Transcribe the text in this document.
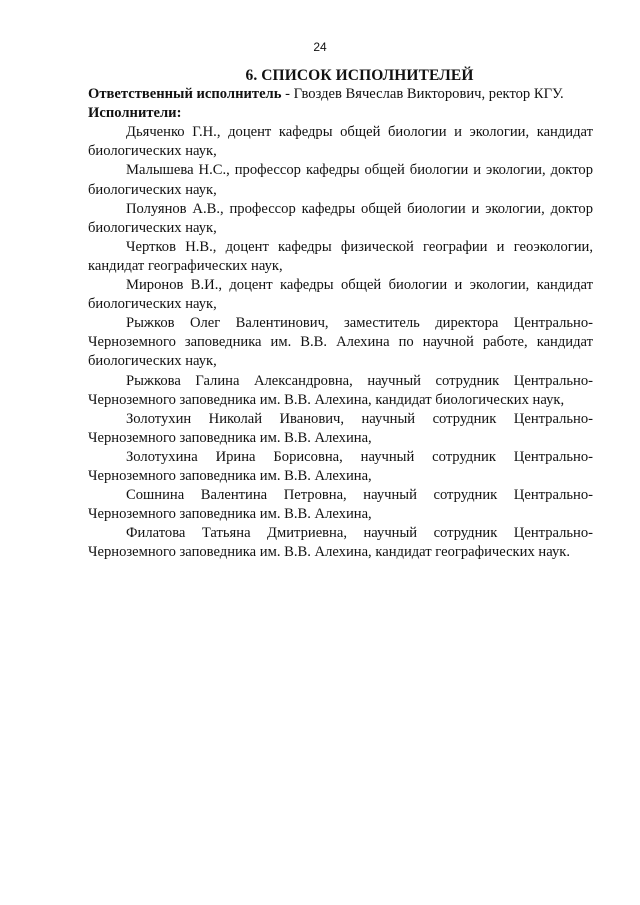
24
6. СПИСОК ИСПОЛНИТЕЛЕЙ

Ответственный исполнитель - Гвоздев Вячеслав Викторович, ректор КГУ.

Исполнители:

Дьяченко Г.Н., доцент кафедры общей биологии и экологии, кандидат биологических наук,

Малышева Н.С., профессор кафедры общей биологии и экологии, доктор биологических наук,

Полуянов А.В., профессор кафедры общей биологии и экологии, доктор биологических наук,

Чертков Н.В., доцент кафедры физической географии и геоэкологии, кандидат географических наук,

Миронов В.И., доцент кафедры общей биологии и экологии, кандидат биологических наук,

Рыжков Олег Валентинович, заместитель директора Центрально-Черноземного заповедника им. В.В. Алехина по научной работе, кандидат биологических наук,

Рыжкова Галина Александровна, научный сотрудник Центрально-Черноземного заповедника им. В.В. Алехина, кандидат биологических наук,

Золотухин Николай Иванович, научный сотрудник Центрально-Черноземного заповедника им. В.В. Алехина,

Золотухина Ирина Борисовна, научный сотрудник Центрально-Черноземного заповедника им. В.В. Алехина,

Сошнина Валентина Петровна, научный сотрудник Центрально-Черноземного заповедника им. В.В. Алехина,

Филатова Татьяна Дмитриевна, научный сотрудник Центрально-Черноземного заповедника им. В.В. Алехина, кандидат географических наук.
